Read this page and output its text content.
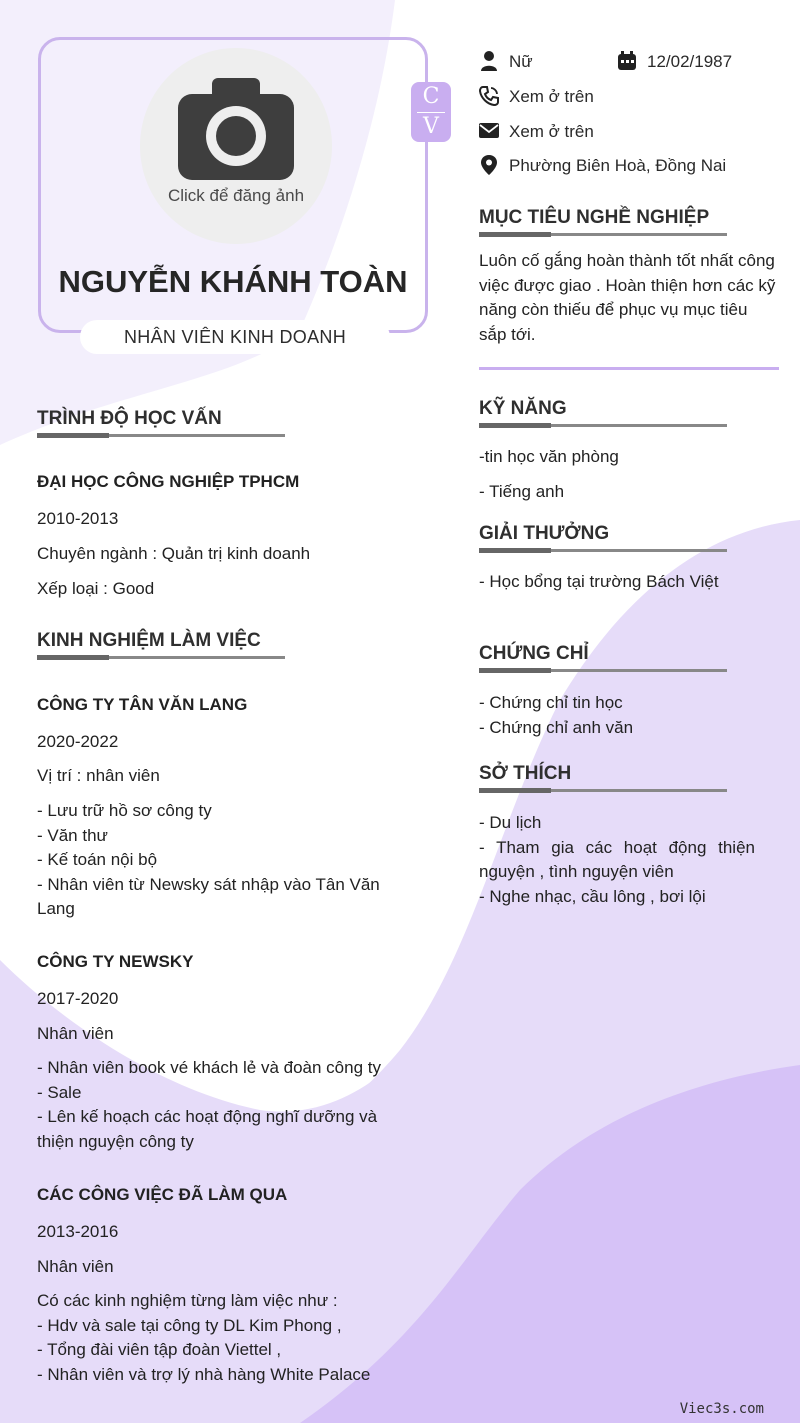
Click để đăng ảnh
NGUYỄN KHÁNH TOÀN
NHÂN VIÊN KINH DOANH
C
V
Nữ	12/02/1987
Xem ở trên
Xem ở trên
Phường Biên Hoà, Đồng Nai
MỤC TIÊU NGHỀ NGHIỆP
Luôn cố gắng hoàn thành tốt nhất công
việc được giao . Hoàn thiện hơn các kỹ
năng còn thiếu để phục vụ mục tiêu
sắp tới.
TRÌNH ĐỘ HỌC VẤN
ĐẠI HỌC CÔNG NGHIỆP TPHCM
2010-2013
Chuyên ngành : Quản trị kinh doanh
Xếp loại : Good
KINH NGHIỆM LÀM VIỆC
CÔNG TY TÂN VĂN LANG
2020-2022
Vị trí : nhân viên
- Lưu trữ hồ sơ công ty
- Văn thư
- Kế toán nội bộ
- Nhân viên từ Newsky sát nhập vào Tân Văn
Lang
CÔNG TY NEWSKY
2017-2020
Nhân viên
- Nhân viên book vé khách lẻ và đoàn công ty
- Sale
- Lên kế hoạch các hoạt động nghĩ dưỡng và
thiện nguyện công ty
CÁC CÔNG VIỆC ĐÃ LÀM QUA
2013-2016
Nhân viên
Có các kinh nghiệm từng làm việc như :
- Hdv và sale tại công ty DL Kim Phong ,
- Tổng đài viên tập đoàn Viettel ,
- Nhân viên và trợ lý nhà hàng White Palace
KỸ NĂNG
-tin học văn phòng
- Tiếng anh
GIẢI THƯỞNG
- Học bổng tại trường Bách Việt
CHỨNG CHỈ
- Chứng chỉ tin học
- Chứng chỉ anh văn
SỞ THÍCH
- Du lịch
- Tham gia các hoạt động thiện nguyện , tình nguyện viên
- Nghe nhạc, cầu lông , bơi lội
Viec3s.com
